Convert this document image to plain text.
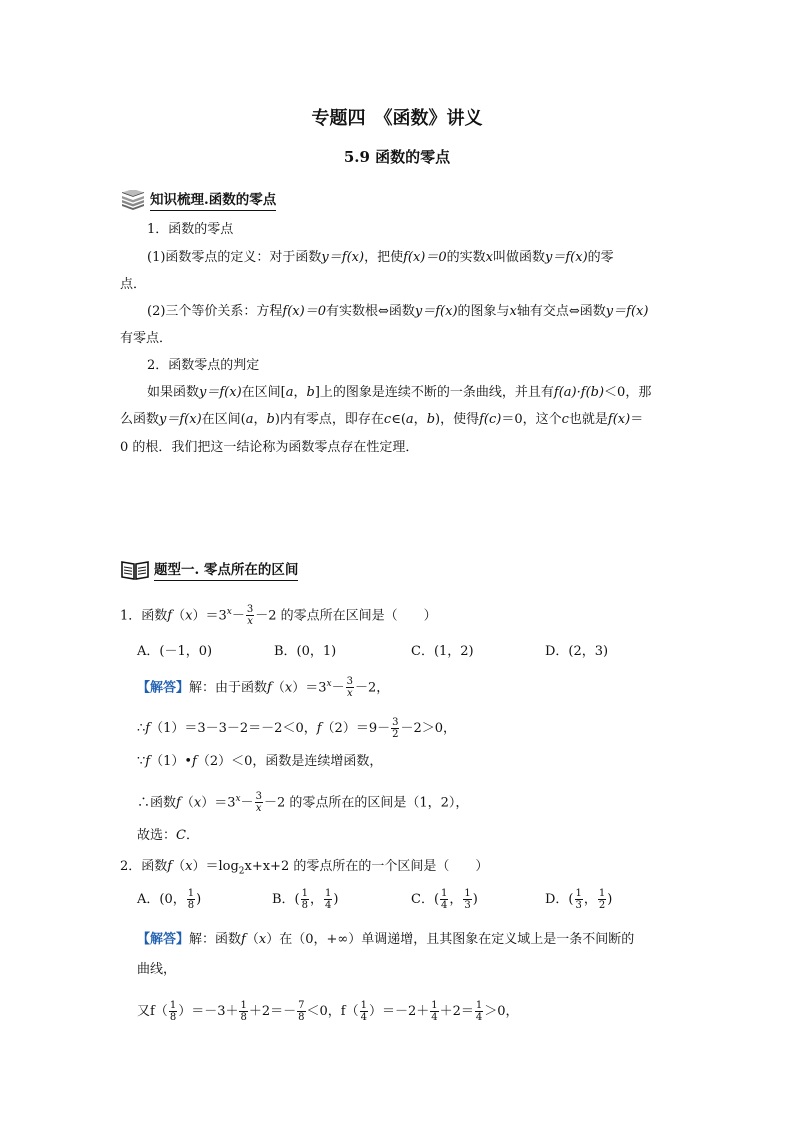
专题四　《函数》讲义
5.9 函数的零点
知识梳理.函数的零点
1．函数的零点
(1)函数零点的定义：对于函数y＝f(x)，把使f(x)＝0的实数x叫做函数y＝f(x)的零
点．
(2)三个等价关系：方程f(x)＝0有实数根⇔函数y＝f(x)的图象与x轴有交点⇔函数y＝f(x)
有零点．
2．函数零点的判定
如果函数y＝f(x)在区间[a，b]上的图象是连续不断的一条曲线，并且有f(a)·f(b)＜0，那
么函数y＝f(x)在区间(a，b)内有零点，即存在c∈(a，b)，使得f(c)＝0，这个c也就是f(x)＝
0 的根．我们把这一结论称为函数零点存在性定理．
题型一. 零点所在的区间
1．函数$f(x)=3^x- \frac{3}{x} -2$ 的零点所在区间是（　　）
A．(－1，0)	B．(0，1)	C．(1，2)	D．(2，3)
【解答】解：由于函数$f(x)=3^x- \frac{3}{x} -2$，
∴f（1）＝3－3－2＝－2＜0，$f(2)=9- \frac{3}{2} -2>0$，
∵f（1）•f（2）＜0，函数是连续增函数，
∴函数$f(x)=3^x- \frac{3}{x} -2$ 的零点所在的区间是（1，2），
故选：C．
2．函数$f(x)=\log_2x+x+2$ 的零点所在的一个区间是（　　）
A．(0， $\frac{1}{8}$ )	B．( $\frac{1}{8}$ ， $\frac{1}{4}$ )	C．( $\frac{1}{4}$ ， $\frac{1}{3}$ )	D．( $\frac{1}{3}$ ， $\frac{1}{2}$ )
【解答】解：函数f（x）在（0，+∞）单调递增，且其图象在定义域上是一条不间断的
曲线，
又$f( \frac{1}{8} )=-3+ \frac{1}{8} +2=- \frac{7}{8} <0$，$f( \frac{1}{4} )=-2+ \frac{1}{4} +2= \frac{1}{4} >0$，
